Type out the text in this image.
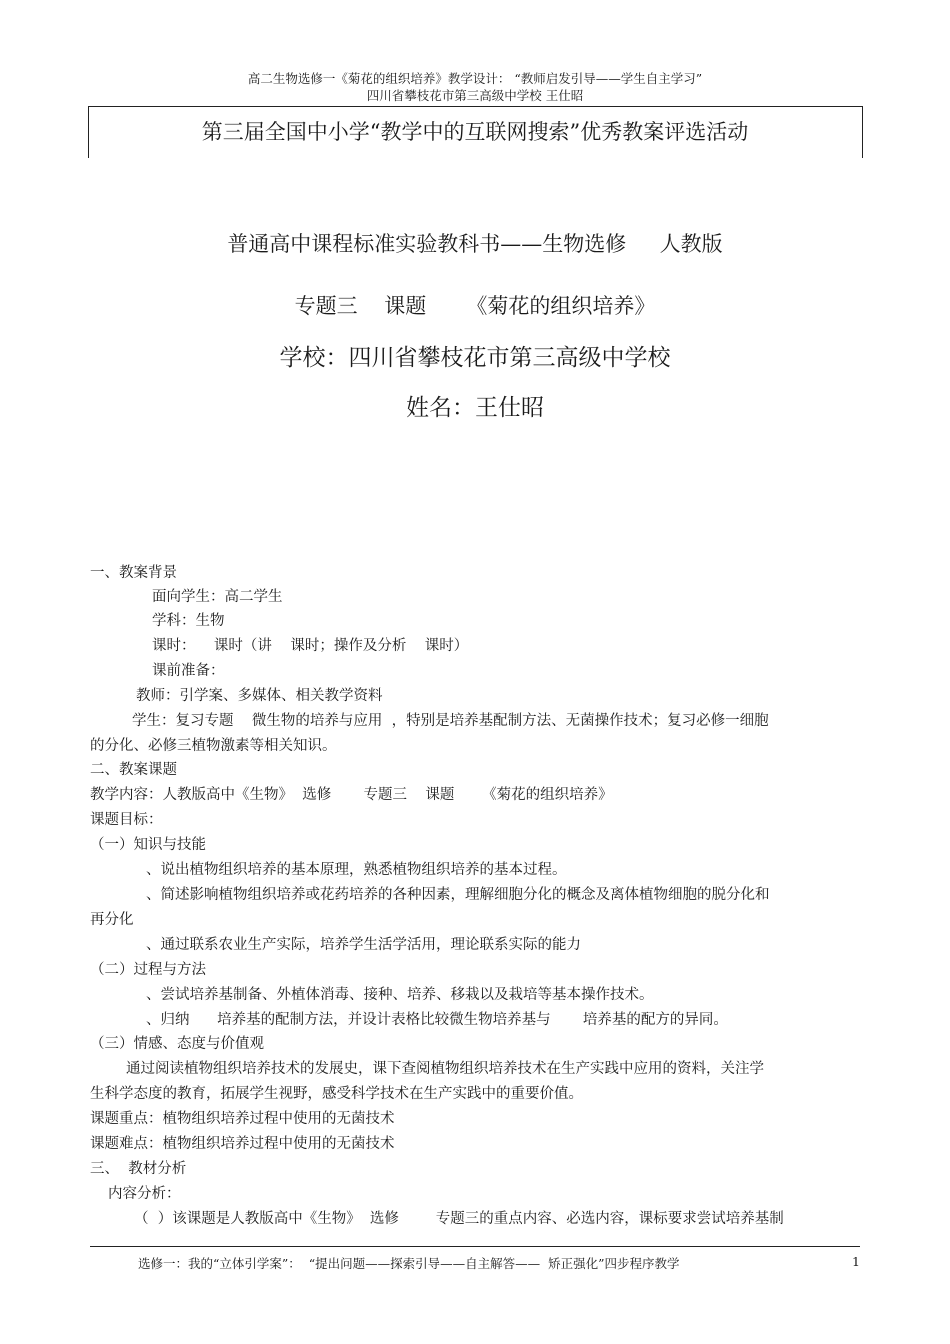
高二生物选修一《菊花的组织培养》教学设计： “教师启发引导——学生自主学习”
四川省攀枝花市第三高级中学校 王仕昭
第三届全国中小学“教学中的互联网搜索”优秀教案评选活动
普通高中课程标准实验教科书——生物选修     人教版
专题三    课题      《菊花的组织培养》
学校：四川省攀枝花市第三高级中学校
姓名：王仕昭
一、教案背景
面向学生：高二学生
学科：生物
课时：    课时（讲    课时；操作及分析    课时）
课前准备：
教师：引学案、多媒体、相关教学资料
学生：复习专题    微生物的培养与应用  ，特别是培养基配制方法、无菌操作技术；复习必修一细胞
的分化、必修三植物激素等相关知识。
二、教案课题
教学内容：人教版高中《生物》  选修       专题三    课题      《菊花的组织培养》
课题目标：
（一）知识与技能
、说出植物组织培养的基本原理，熟悉植物组织培养的基本过程。
、简述影响植物组织培养或花药培养的各种因素，理解细胞分化的概念及离体植物细胞的脱分化和
再分化
、通过联系农业生产实际，培养学生活学活用，理论联系实际的能力
（二）过程与方法
、尝试培养基制备、外植体消毒、接种、培养、移栽以及栽培等基本操作技术。
、归纳      培养基的配制方法，并设计表格比较微生物培养基与       培养基的配方的异同。
（三）情感、态度与价值观
通过阅读植物组织培养技术的发展史，课下查阅植物组织培养技术在生产实践中应用的资料，关注学
生科学态度的教育，拓展学生视野，感受科学技术在生产实践中的重要价值。
课题重点：植物组织培养过程中使用的无菌技术
课题难点：植物组织培养过程中使用的无菌技术
三、  教材分析
内容分析：
（  ）该课题是人教版高中《生物》  选修        专题三的重点内容、必选内容，课标要求尝试培养基制
选修一：我的“立体引学案”：  “提出问题——探索引导——自主解答——  矫正强化”四步程序教学	1
